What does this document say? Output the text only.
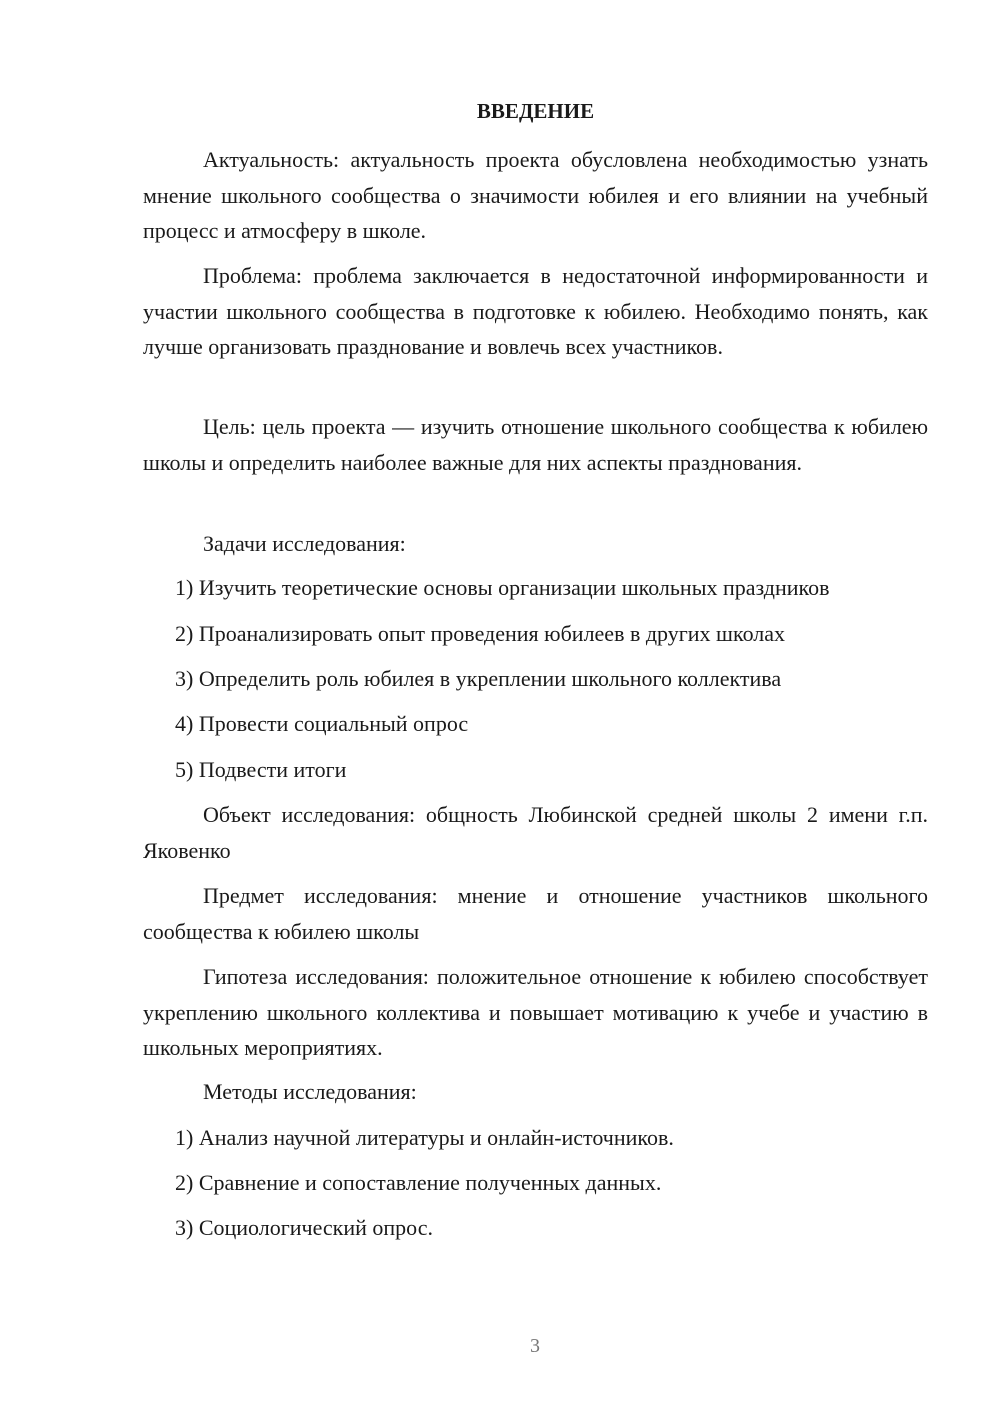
ВВЕДЕНИЕ

Актуальность: актуальность проекта обусловлена необходимостью узнать мнение школьного сообщества о значимости юбилея и его влиянии на учебный процесс и атмосферу в школе.

Проблема: проблема заключается в недостаточной информированности и участии школьного сообщества в подготовке к юбилею. Необходимо понять, как лучше организовать празднование и вовлечь всех участников.

Цель: цель проекта — изучить отношение школьного сообщества к юбилею школы и определить наиболее важные для них аспекты празднования.

Задачи исследования:

1) Изучить теоретические основы организации школьных праздников

2) Проанализировать опыт проведения юбилеев в других школах

3) Определить роль юбилея в укреплении школьного коллектива

4) Провести социальный опрос

5) Подвести итоги

Объект исследования: общность Любинской средней школы 2 имени г.п. Яковенко

Предмет исследования: мнение и отношение участников школьного сообщества к юбилею школы

Гипотеза исследования: положительное отношение к юбилею способствует укреплению школьного коллектива и повышает мотивацию к учебе и участию в школьных мероприятиях.

Методы исследования:

1) Анализ научной литературы и онлайн-источников.

2) Сравнение и сопоставление полученных данных.

3) Социологический опрос.

3
